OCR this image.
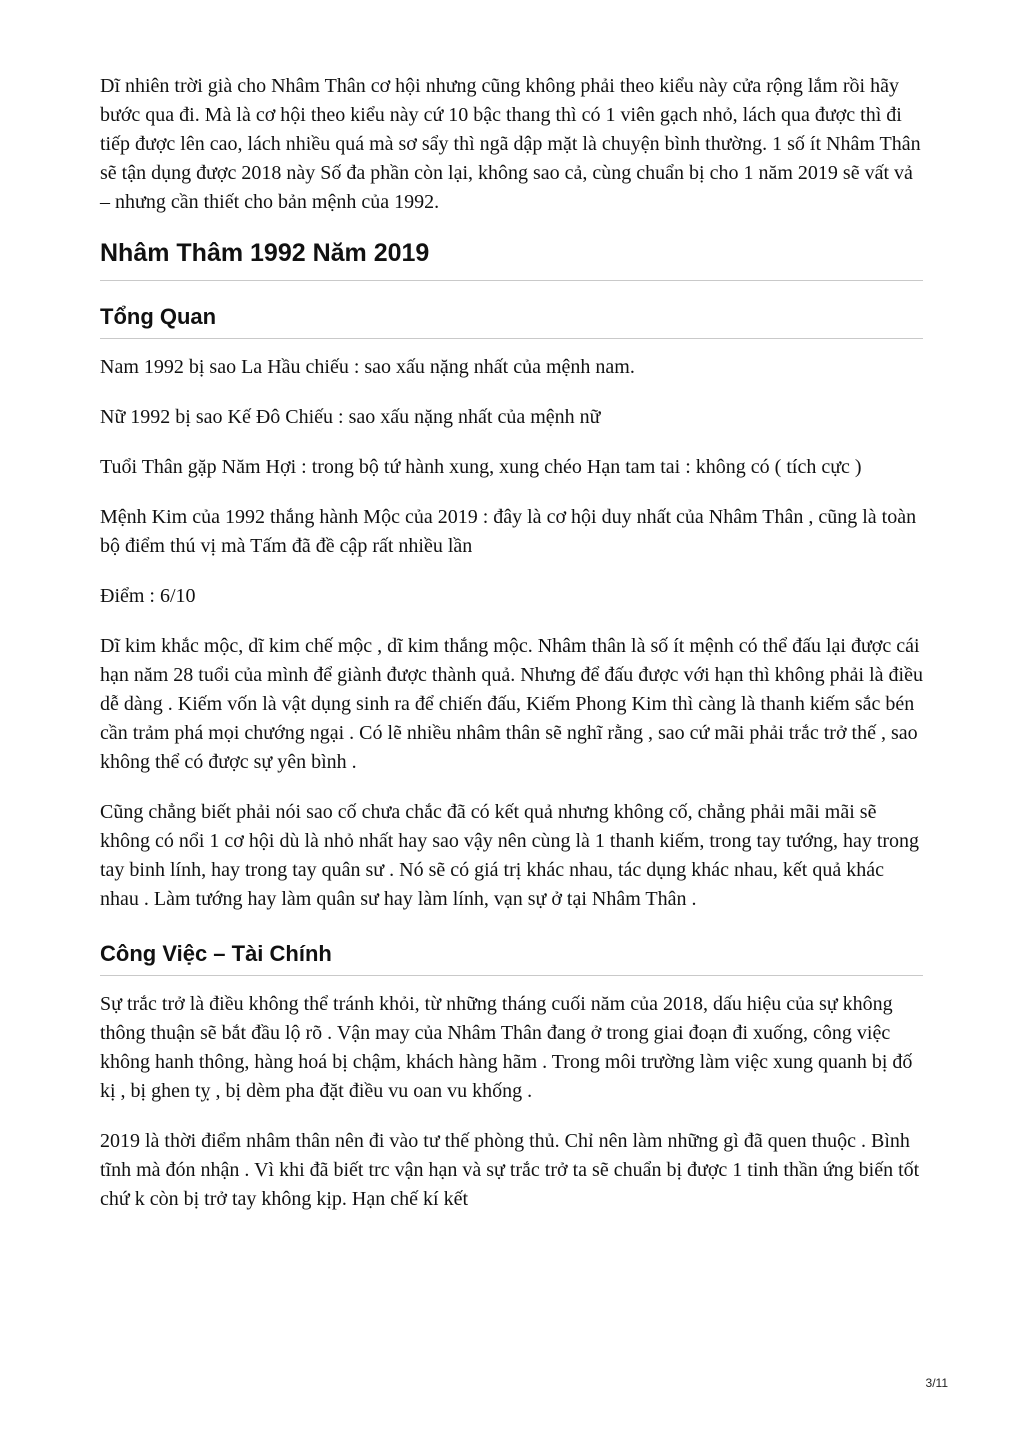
Dĩ nhiên trời già cho Nhâm Thân cơ hội nhưng cũng không phải theo kiểu này cửa rộng lắm rồi hãy bước qua đi. Mà là cơ hội theo kiểu này cứ 10 bậc thang thì có 1 viên gạch nhỏ, lách qua được thì đi tiếp được lên cao, lách nhiều quá mà sơ sẩy thì ngã dập mặt là chuyện bình thường. 1 số ít Nhâm Thân sẽ tận dụng được 2018 này Số đa phần còn lại, không sao cả, cùng chuẩn bị cho 1 năm 2019 sẽ vất vả – nhưng cần thiết cho bản mệnh của 1992.

Nhâm Thâm 1992 Năm 2019
Tổng Quan

Nam 1992 bị sao La Hầu chiếu : sao xấu nặng nhất của mệnh nam.

Nữ 1992 bị sao Kế Đô Chiếu : sao xấu nặng nhất của mệnh nữ

Tuổi Thân gặp Năm Hợi : trong bộ tứ hành xung, xung chéo Hạn tam tai : không có ( tích cực )

Mệnh Kim của 1992 thắng hành Mộc của 2019 : đây là cơ hội duy nhất của Nhâm Thân , cũng là toàn bộ điểm thú vị mà Tấm đã đề cập rất nhiều lần

Điểm : 6/10

Dĩ kim khắc mộc, dĩ kim chế mộc , dĩ kim thắng mộc. Nhâm thân là số ít mệnh có thể đấu lại được cái hạn năm 28 tuổi của mình để giành được thành quả. Nhưng để đấu được với hạn thì không phải là điều dễ dàng . Kiếm vốn là vật dụng sinh ra để chiến đấu, Kiếm Phong Kim thì càng là thanh kiếm sắc bén cần trảm phá mọi chướng ngại . Có lẽ nhiều nhâm thân sẽ nghĩ rằng , sao cứ mãi phải trắc trở thế , sao không thể có được sự yên bình .

Cũng chẳng biết phải nói sao cố chưa chắc đã có kết quả nhưng không cố, chẳng phải mãi mãi sẽ không có nổi 1 cơ hội dù là nhỏ nhất hay sao vậy nên cùng là 1 thanh kiếm, trong tay tướng, hay trong tay binh lính, hay trong tay quân sư . Nó sẽ có giá trị khác nhau, tác dụng khác nhau, kết quả khác nhau . Làm tướng hay làm quân sư hay làm lính, vạn sự ở tại Nhâm Thân .

Công Việc – Tài Chính

Sự trắc trở là điều không thể tránh khỏi, từ những tháng cuối năm của 2018, dấu hiệu của sự không thông thuận sẽ bắt đầu lộ rõ . Vận may của Nhâm Thân đang ở trong giai đoạn đi xuống, công việc không hanh thông, hàng hoá bị chậm, khách hàng hãm . Trong môi trường làm việc xung quanh bị đố kị , bị ghen tỵ , bị dèm pha đặt điều vu oan vu khống .

2019 là thời điểm nhâm thân nên đi vào tư thế phòng thủ. Chỉ nên làm những gì đã quen thuộc . Bình tĩnh mà đón nhận . Vì khi đã biết trc vận hạn và sự trắc trở ta sẽ chuẩn bị được 1 tinh thần ứng biến tốt chứ k còn bị trở tay không kịp. Hạn chế kí kết

3/11
